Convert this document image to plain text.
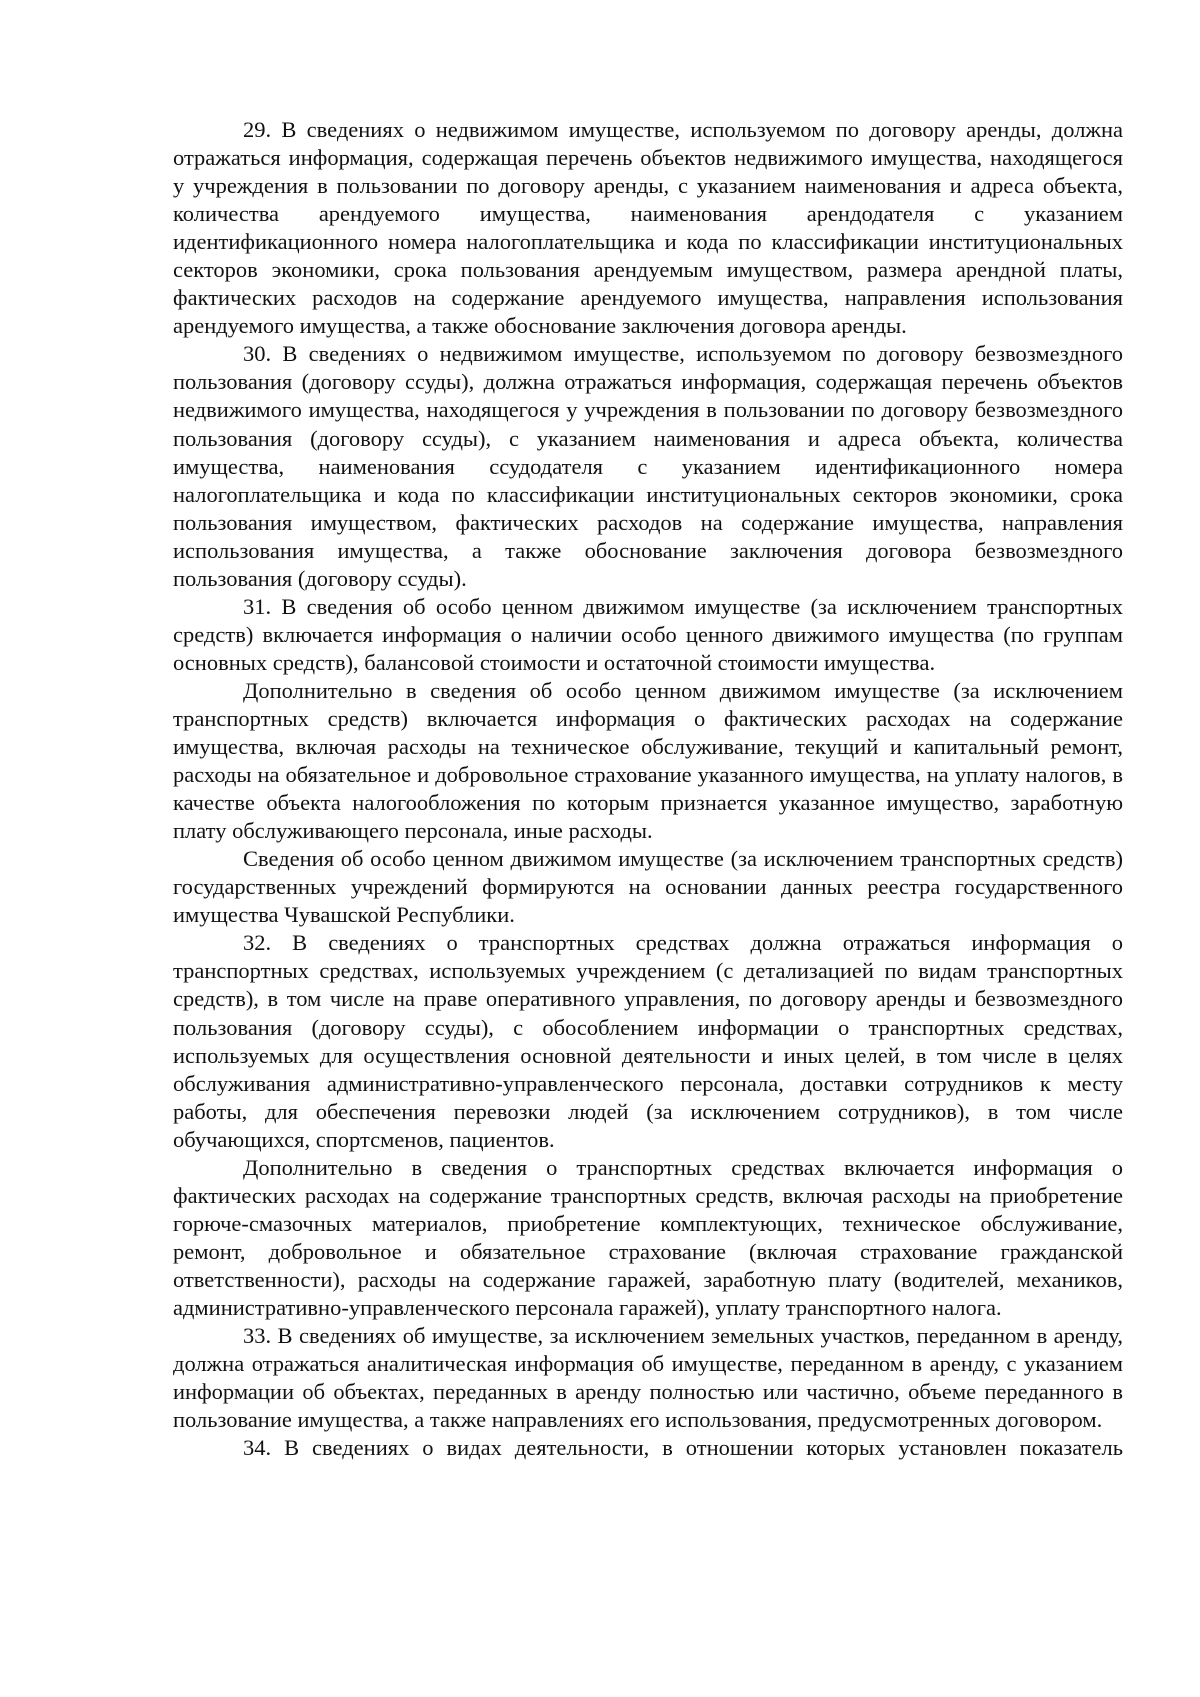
29. В сведениях о недвижимом имуществе, используемом по договору аренды, должна отражаться информация, содержащая перечень объектов недвижимого имущества, находящегося у учреждения в пользовании по договору аренды, с указанием наименования и адреса объекта, количества арендуемого имущества, наименования арендодателя с указанием идентификационного номера налогоплательщика и кода по классификации институциональных секторов экономики, срока пользования арендуемым имуществом, размера арендной платы, фактических расходов на содержание арендуемого имущества, направления использования арендуемого имущества, а также обоснование заключения договора аренды.

30. В сведениях о недвижимом имуществе, используемом по договору безвозмездного пользования (договору ссуды), должна отражаться информация, содержащая перечень объектов недвижимого имущества, находящегося у учреждения в пользовании по договору безвозмездного пользования (договору ссуды), с указанием наименования и адреса объекта, количества имущества, наименования ссудодателя с указанием идентификационного номера налогоплательщика и кода по классификации институциональных секторов экономики, срока пользования имуществом, фактических расходов на содержание имущества, направления использования имущества, а также обоснование заключения договора безвозмездного пользования (договору ссуды).

31. В сведения об особо ценном движимом имуществе (за исключением транспортных средств) включается информация о наличии особо ценного движимого имущества (по группам основных средств), балансовой стоимости и остаточной стоимости имущества.

Дополнительно в сведения об особо ценном движимом имуществе (за исключением транспортных средств) включается информация о фактических расходах на содержание имущества, включая расходы на техническое обслуживание, текущий и капитальный ремонт, расходы на обязательное и добровольное страхование указанного имущества, на уплату налогов, в качестве объекта налогообложения по которым признается указанное имущество, заработную плату обслуживающего персонала, иные расходы.

Сведения об особо ценном движимом имуществе (за исключением транспортных средств) государственных учреждений формируются на основании данных реестра государственного имущества Чувашской Республики.

32. В сведениях о транспортных средствах должна отражаться информация о транспортных средствах, используемых учреждением (с детализацией по видам транспортных средств), в том числе на праве оперативного управления, по договору аренды и безвозмездного пользования (договору ссуды), с обособлением информации о транспортных средствах, используемых для осуществления основной деятельности и иных целей, в том числе в целях обслуживания административно-управленческого персонала, доставки сотрудников к месту работы, для обеспечения перевозки людей (за исключением сотрудников), в том числе обучающихся, спортсменов, пациентов.

Дополнительно в сведения о транспортных средствах включается информация о фактических расходах на содержание транспортных средств, включая расходы на приобретение горюче-смазочных материалов, приобретение комплектующих, техническое обслуживание, ремонт, добровольное и обязательное страхование (включая страхование гражданской ответственности), расходы на содержание гаражей, заработную плату (водителей, механиков, административно-управленческого персонала гаражей), уплату транспортного налога.

33. В сведениях об имуществе, за исключением земельных участков, переданном в аренду, должна отражаться аналитическая информация об имуществе, переданном в аренду, с указанием информации об объектах, переданных в аренду полностью или частично, объеме переданного в пользование имущества, а также направлениях его использования, предусмотренных договором.

34. В сведениях о видах деятельности, в отношении которых установлен показатель
